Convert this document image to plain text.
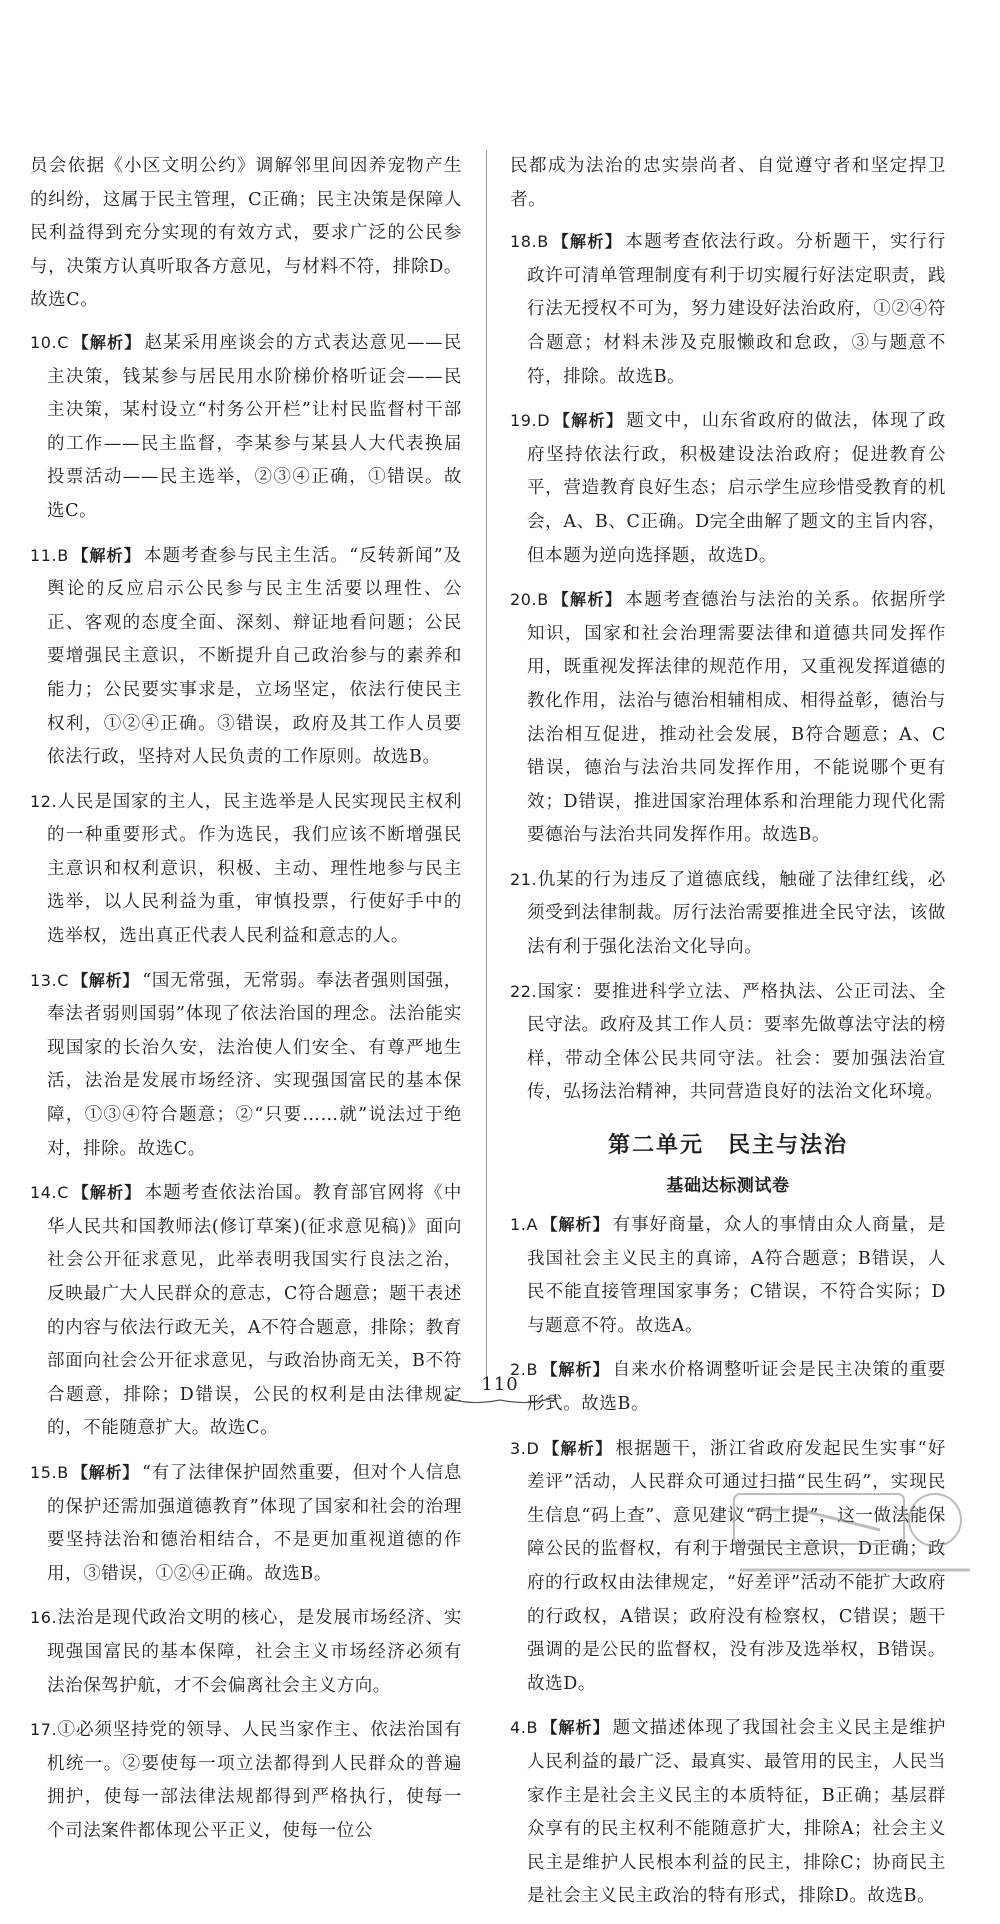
员会依据《小区文明公约》调解邻里间因养宠物产生的纠纷，这属于民主管理，C正确；民主决策是保障人民利益得到充分实现的有效方式，要求广泛的公民参与，决策方认真听取各方意见，与材料不符，排除D。故选C。

10.C 【解析】 赵某采用座谈会的方式表达意见——民主决策，钱某参与居民用水阶梯价格听证会——民主决策，某村设立“村务公开栏”让村民监督村干部的工作——民主监督，李某参与某县人大代表换届投票活动——民主选举，②③④正确，①错误。故选C。

11.B 【解析】 本题考查参与民主生活。“反转新闻”及舆论的反应启示公民参与民主生活要以理性、公正、客观的态度全面、深刻、辩证地看问题；公民要增强民主意识，不断提升自己政治参与的素养和能力；公民要实事求是，立场坚定，依法行使民主权利，①②④正确。③错误，政府及其工作人员要依法行政，坚持对人民负责的工作原则。故选B。

12.人民是国家的主人，民主选举是人民实现民主权利的一种重要形式。作为选民，我们应该不断增强民主意识和权利意识，积极、主动、理性地参与民主选举，以人民利益为重，审慎投票，行使好手中的选举权，选出真正代表人民利益和意志的人。

13.C 【解析】 “国无常强，无常弱。奉法者强则国强，奉法者弱则国弱”体现了依法治国的理念。法治能实现国家的长治久安，法治使人们安全、有尊严地生活，法治是发展市场经济、实现强国富民的基本保障，①③④符合题意；②“只要……就”说法过于绝对，排除。故选C。

14.C 【解析】 本题考查依法治国。教育部官网将《中华人民共和国教师法(修订草案)(征求意见稿)》面向社会公开征求意见，此举表明我国实行良法之治，反映最广大人民群众的意志，C符合题意；题干表述的内容与依法行政无关，A不符合题意，排除；教育部面向社会公开征求意见，与政治协商无关，B不符合题意，排除；D错误，公民的权利是由法律规定的，不能随意扩大。故选C。

15.B 【解析】 “有了法律保护固然重要，但对个人信息的保护还需加强道德教育”体现了国家和社会的治理要坚持法治和德治相结合，不是更加重视道德的作用，③错误，①②④正确。故选B。

16.法治是现代政治文明的核心，是发展市场经济、实现强国富民的基本保障，社会主义市场经济必须有法治保驾护航，才不会偏离社会主义方向。

17.①必须坚持党的领导、人民当家作主、依法治国有机统一。②要使每一项立法都得到人民群众的普遍拥护，使每一部法律法规都得到严格执行，使每一个司法案件都体现公平正义，使每一位公

民都成为法治的忠实崇尚者、自觉遵守者和坚定捍卫者。

18.B 【解析】 本题考查依法行政。分析题干，实行行政许可清单管理制度有利于切实履行好法定职责，践行法无授权不可为，努力建设好法治政府，①②④符合题意；材料未涉及克服懒政和怠政，③与题意不符，排除。故选B。

19.D 【解析】 题文中，山东省政府的做法，体现了政府坚持依法行政，积极建设法治政府；促进教育公平，营造教育良好生态；启示学生应珍惜受教育的机会，A、B、C正确。D完全曲解了题文的主旨内容，但本题为逆向选择题，故选D。

20.B 【解析】 本题考查德治与法治的关系。依据所学知识，国家和社会治理需要法律和道德共同发挥作用，既重视发挥法律的规范作用，又重视发挥道德的教化作用，法治与德治相辅相成、相得益彰，德治与法治相互促进，推动社会发展，B符合题意；A、C错误，德治与法治共同发挥作用，不能说哪个更有效；D错误，推进国家治理体系和治理能力现代化需要德治与法治共同发挥作用。故选B。

21.仇某的行为违反了道德底线，触碰了法律红线，必须受到法律制裁。厉行法治需要推进全民守法，该做法有利于强化法治文化导向。

22.国家：要推进科学立法、严格执法、公正司法、全民守法。政府及其工作人员：要率先做尊法守法的榜样，带动全体公民共同守法。社会：要加强法治宣传，弘扬法治精神，共同营造良好的法治文化环境。

第二单元　民主与法治
基础达标测试卷

1.A 【解析】 有事好商量，众人的事情由众人商量，是我国社会主义民主的真谛，A符合题意；B错误，人民不能直接管理国家事务；C错误，不符合实际；D与题意不符。故选A。

2.B 【解析】 自来水价格调整听证会是民主决策的重要形式。故选B。

3.D 【解析】 根据题干，浙江省政府发起民生实事“好差评”活动，人民群众可通过扫描“民生码”，实现民生信息“码上查”、意见建议“码上提”，这一做法能保障公民的监督权，有利于增强民主意识，D正确；政府的行政权由法律规定，“好差评”活动不能扩大政府的行政权，A错误；政府没有检察权，C错误；题干强调的是公民的监督权，没有涉及选举权，B错误。故选D。

4.B 【解析】 题文描述体现了我国社会主义民主是维护人民利益的最广泛、最真实、最管用的民主，人民当家作主是社会主义民主的本质特征，B正确；基层群众享有的民主权利不能随意扩大，排除A；社会主义民主是维护人民根本利益的民主，排除C；协商民主是社会主义民主政治的特有形式，排除D。故选B。

110
